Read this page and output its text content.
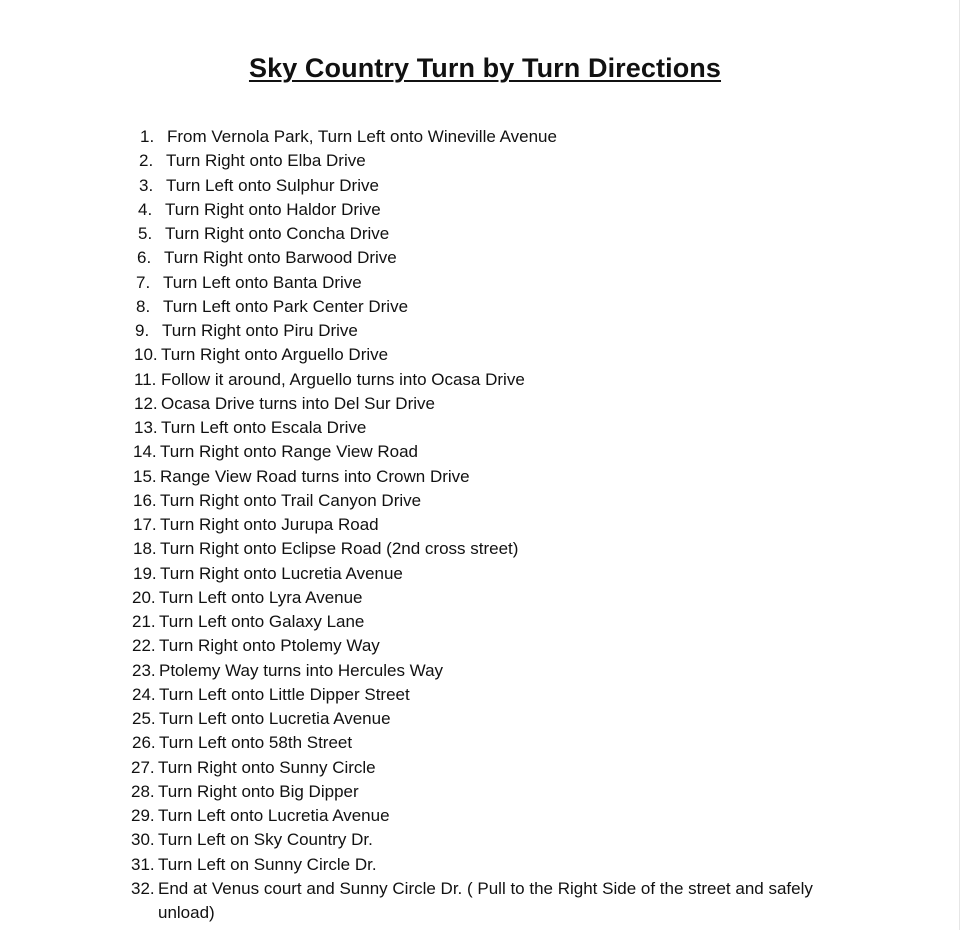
Sky Country Turn by Turn Directions
1. From Vernola Park, Turn Left onto Wineville Avenue
2. Turn Right onto Elba Drive
3. Turn Left onto Sulphur Drive
4. Turn Right onto Haldor Drive
5. Turn Right onto Concha Drive
6. Turn Right onto Barwood Drive
7. Turn Left onto Banta Drive
8. Turn Left onto Park Center Drive
9. Turn Right onto Piru Drive
10. Turn Right onto Arguello Drive
11. Follow it around, Arguello turns into Ocasa Drive
12. Ocasa Drive turns into Del Sur Drive
13. Turn Left onto Escala Drive
14. Turn Right onto Range View Road
15. Range View Road turns into Crown Drive
16. Turn Right onto Trail Canyon Drive
17. Turn Right onto Jurupa Road
18. Turn Right onto Eclipse Road (2nd cross street)
19. Turn Right onto Lucretia Avenue
20. Turn Left onto Lyra Avenue
21. Turn Left onto Galaxy Lane
22. Turn Right onto Ptolemy Way
23. Ptolemy Way turns into Hercules Way
24. Turn Left onto Little Dipper Street
25. Turn Left onto Lucretia Avenue
26. Turn Left onto 58th Street
27. Turn Right onto Sunny Circle
28. Turn Right onto Big Dipper
29. Turn Left onto Lucretia Avenue
30. Turn Left on Sky Country Dr.
31. Turn Left on Sunny Circle Dr.
32. End at Venus court and Sunny Circle Dr. ( Pull to the Right Side of the street and safely unload)
